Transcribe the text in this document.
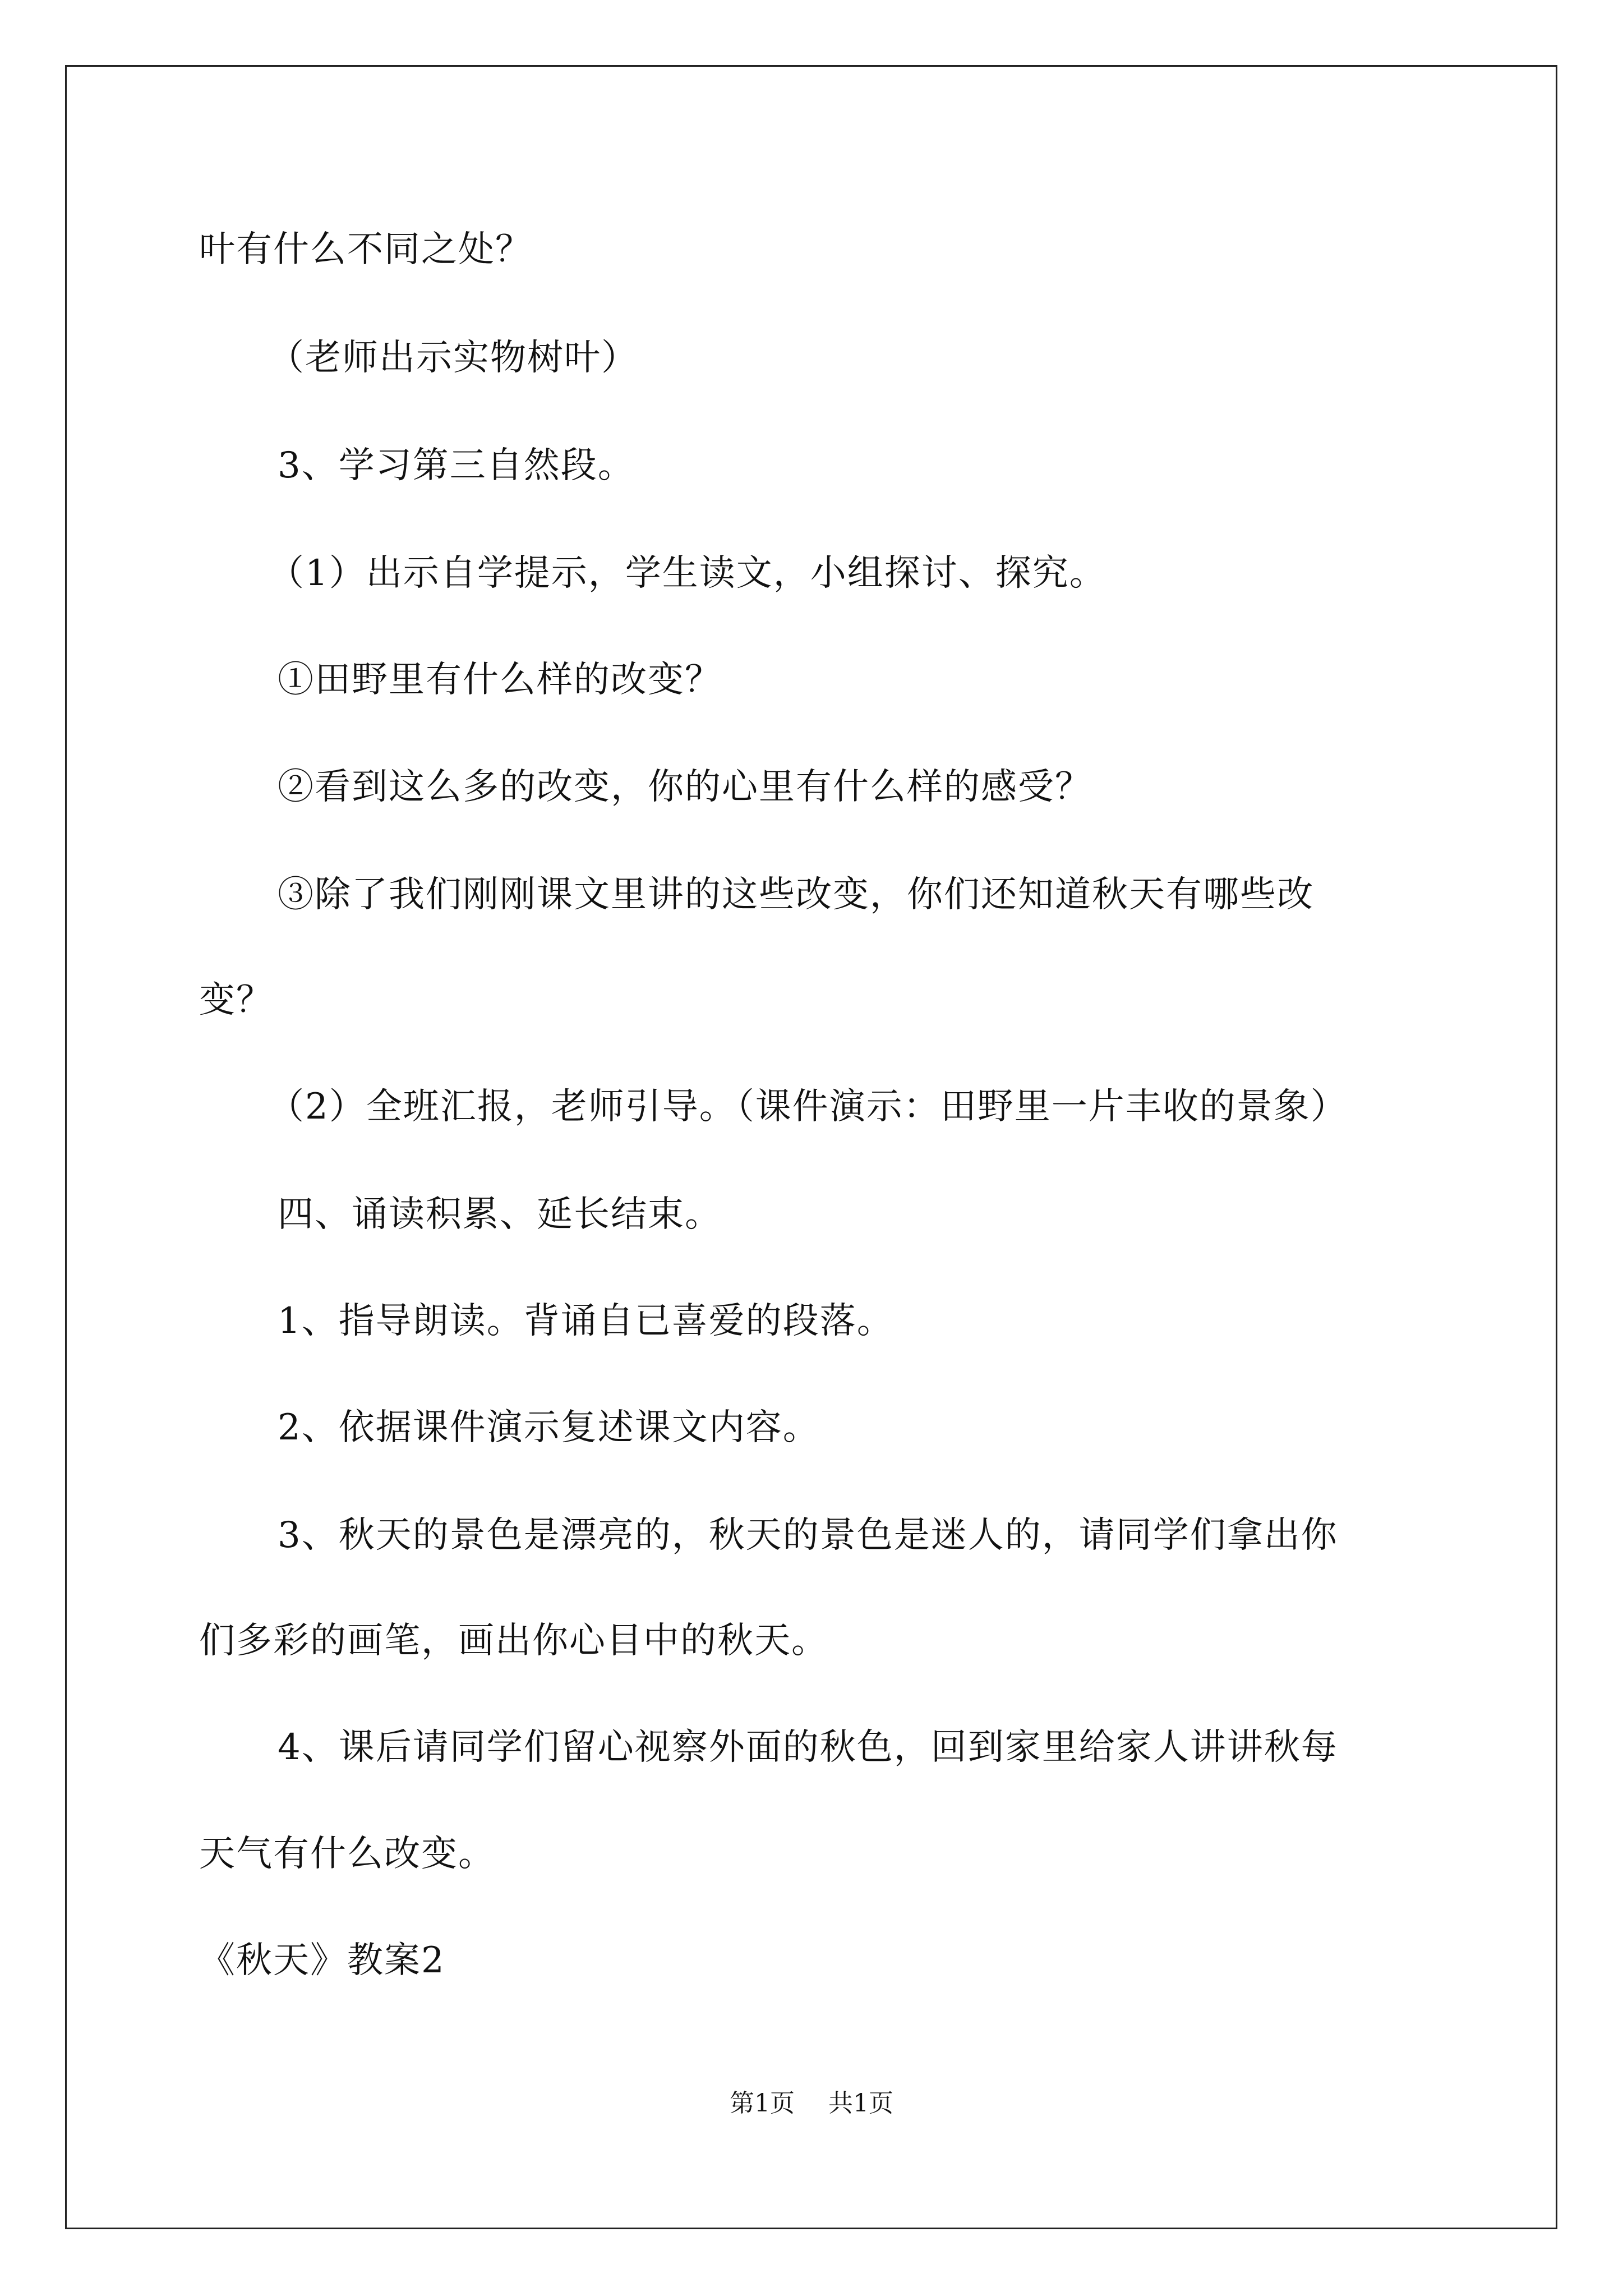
叶有什么不同之处？
（老师出示实物树叶）
3、学习第三自然段。
（1）出示自学提示，学生读文，小组探讨、探究。
①田野里有什么样的改变？
②看到这么多的改变，你的心里有什么样的感受？
③除了我们刚刚课文里讲的这些改变，你们还知道秋天有哪些改
变？
（2）全班汇报，老师引导。（课件演示：田野里一片丰收的景象）
四、诵读积累、延长结束。
1、指导朗读。背诵自已喜爱的段落。
2、依据课件演示复述课文内容。
3、秋天的景色是漂亮的，秋天的景色是迷人的，请同学们拿出你
们多彩的画笔，画出你心目中的秋天。
4、课后请同学们留心视察外面的秋色，回到家里给家人讲讲秋每
天气有什么改变。
《秋天》教案2
第1页 共1页
